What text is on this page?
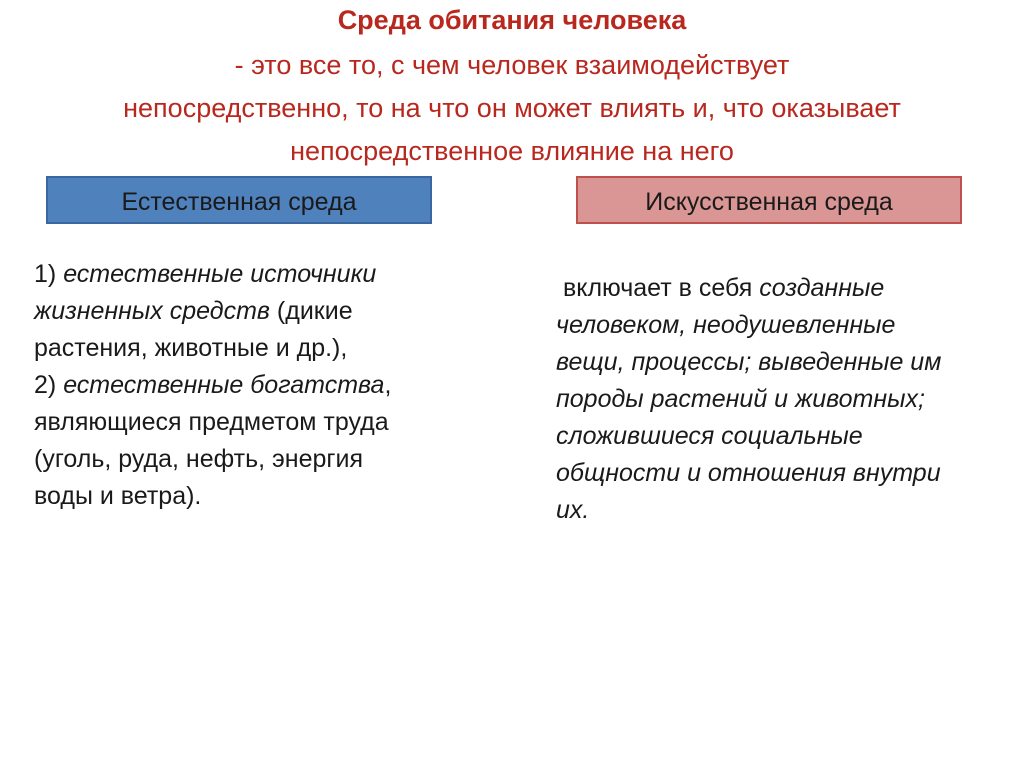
Среда обитания человека
- это все то, с чем человек взаимодействует
непосредственно, то на что он может влиять и, что оказывает
непосредственное влияние на него
Естественная среда	Искусственная среда
1) естественные источники
жизненных средств (дикие
растения, животные и др.),
2) естественные богатства,
являющиеся предметом труда
(уголь, руда, нефть, энергия
воды и ветра).
включает в себя созданные
человеком, неодушевленные
вещи, процессы; выведенные им
породы растений и животных;
сложившиеся социальные
общности и отношения внутри
их.
